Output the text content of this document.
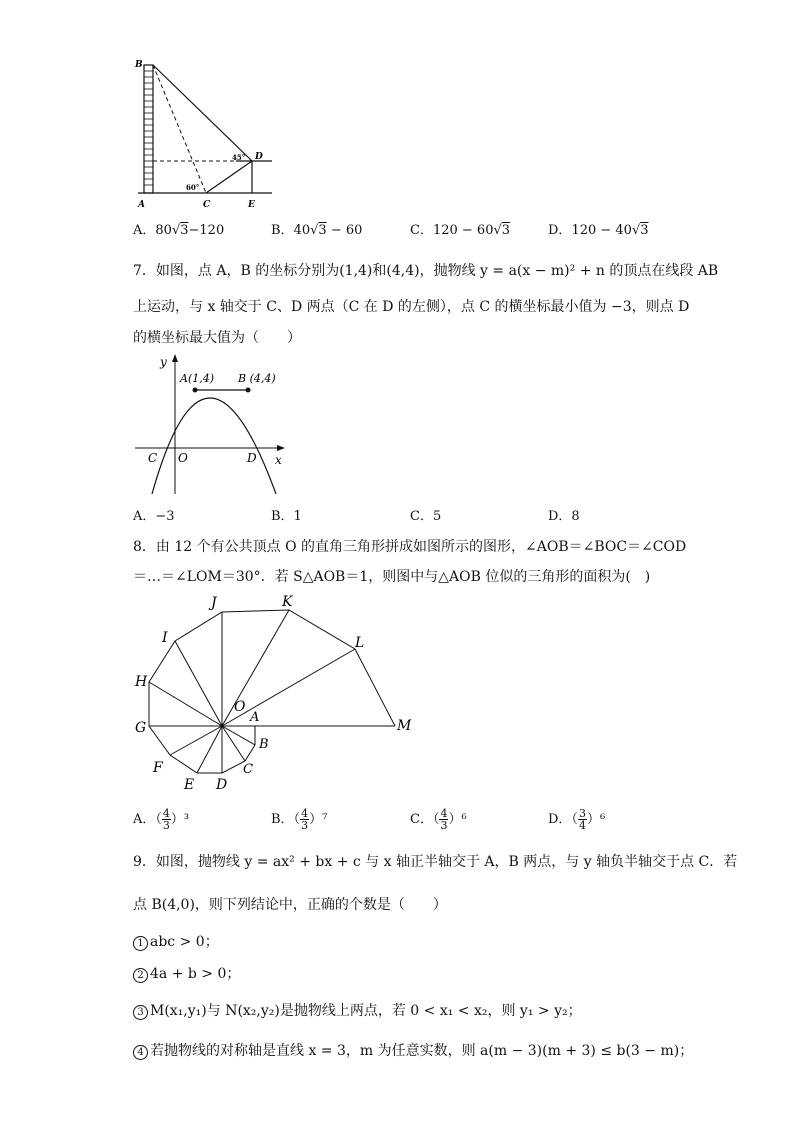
B
A	C
D
E
45°
60°
A．80√3−120	B．40√3 − 60	C．120 − 60√3	D．120 − 40√3
7．如图，点 A，B 的坐标分别为(1,4)和(4,4)，抛物线 y = a(x − m)² + n 的顶点在线段 AB
上运动，与 x 轴交于 C、D 两点（C 在 D 的左侧），点 C 的横坐标最小值为 −3，则点 D
的横坐标最大值为（　　）
y
x
A(1,4) B (4,4)
C O	D
A．−3	B．1	C．5	D．8
8．由 12 个有公共顶点 O 的直角三角形拼成如图所示的图形，∠AOB＝∠BOC＝∠COD
＝…＝∠LOM＝30°．若 S△AOB＝1，则图中与△AOB 位似的三角形的面积为(　)
J	K
I	L
H
O
A
G	M
B
F	C
E D
A．（ $\frac{4}{3} )^3$	B．（ $\frac{4}{3} )^7$	C．（ $\frac{4}{3} )^6$	D．（ $\frac{3}{4} )^6$
9．如图，抛物线 y = ax² + bx + c 与 x 轴正半轴交于 A，B 两点，与 y 轴负半轴交于点 C．若
点 B(4,0)，则下列结论中，正确的个数是（　　）
1 abc > 0；
2 4a + b > 0；
3 M(x₁,y₁)与 N(x₂,y₂)是抛物线上两点，若 0 < x₁ < x₂，则 y₁ > y₂；
4 若抛物线的对称轴是直线 x = 3，m 为任意实数，则 a(m − 3)(m + 3) ≤ b(3 − m)；
